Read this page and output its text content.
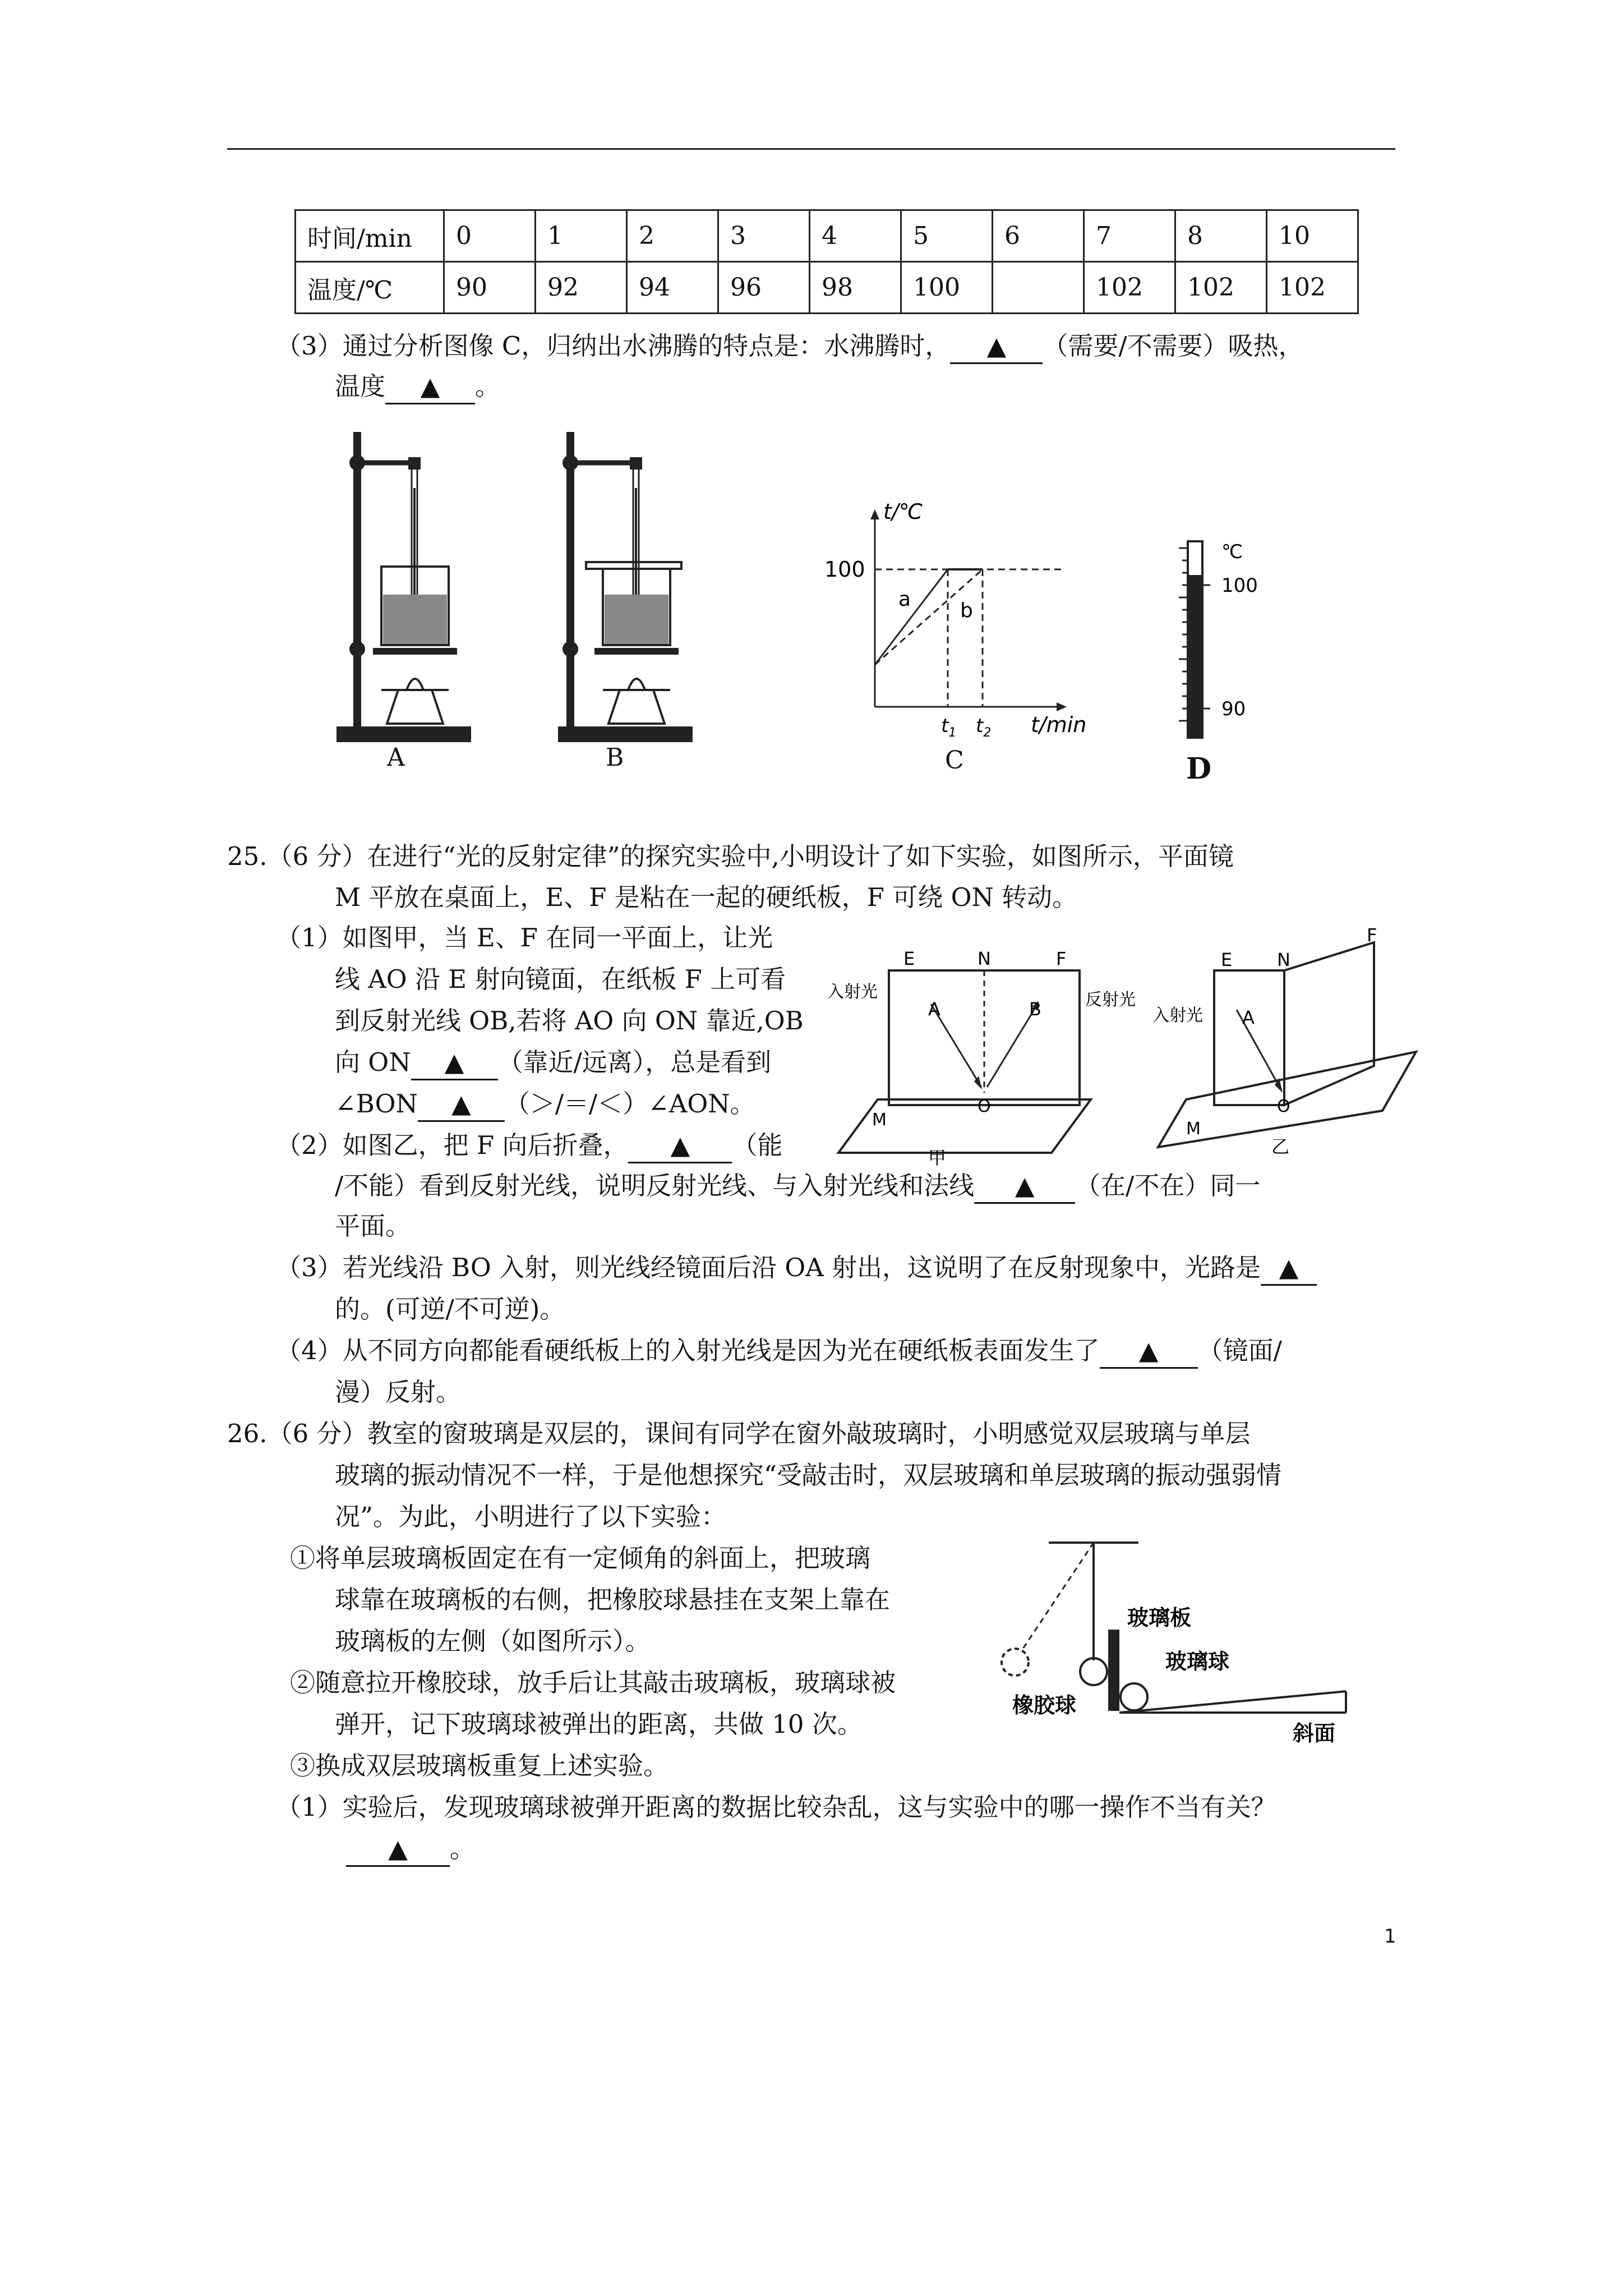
时间/min	0	1	2	3	4	5	6	7	8	10
温度/℃	90	92	94	96	98	100		102	102	102
（3）通过分析图像 C，归纳出水沸腾的特点是：水沸腾时， ▲ （需要/不需要）吸热，
温度 ▲ 。
A	B
t/℃
100
a b
$t_1$ $t_2$ t/min
C
℃
100
90
D
25.（6 分）在进行“光的反射定律”的探究实验中,小明设计了如下实验，如图所示，平面镜
M 平放在桌面上，E、F 是粘在一起的硬纸板，F 可绕 ON 转动。
（1）如图甲，当 E、F 在同一平面上，让光
线 AO 沿 E 射向镜面，在纸板 F 上可看
到反射光线 OB,若将 AO 向 ON 靠近,OB
向 ON ▲ （靠近/远离），总是看到
∠BON ▲ （＞/＝/＜）∠AON。
（2）如图乙，把 F 向后折叠， ▲ （能
/不能）看到反射光线，说明反射光线、与入射光线和法线 ▲ （在/不在）同一
平面。
（3）若光线沿 BO 入射，则光线经镜面后沿 OA 射出，这说明了在反射现象中，光路是 ▲
的。(可逆/不可逆)。
（4）从不同方向都能看硬纸板上的入射光线是因为光在硬纸板表面发生了 ▲ （镜面/
漫）反射。
E	N	F
入射光	反射光
A	B
O
M
甲
E N
F
入射光 A
O
M
乙
26.（6 分）教室的窗玻璃是双层的，课间有同学在窗外敲玻璃时，小明感觉双层玻璃与单层
玻璃的振动情况不一样，于是他想探究“受敲击时，双层玻璃和单层玻璃的振动强弱情
况”。为此，小明进行了以下实验：
①将单层玻璃板固定在有一定倾角的斜面上，把玻璃
球靠在玻璃板的右侧，把橡胶球悬挂在支架上靠在
玻璃板的左侧（如图所示）。
②随意拉开橡胶球，放手后让其敲击玻璃板，玻璃球被
弹开，记下玻璃球被弹出的距离，共做 10 次。
③换成双层玻璃板重复上述实验。
（1）实验后，发现玻璃球被弹开距离的数据比较杂乱，这与实验中的哪一操作不当有关？
▲ 。
玻璃板
玻璃球
橡胶球
斜面
1
